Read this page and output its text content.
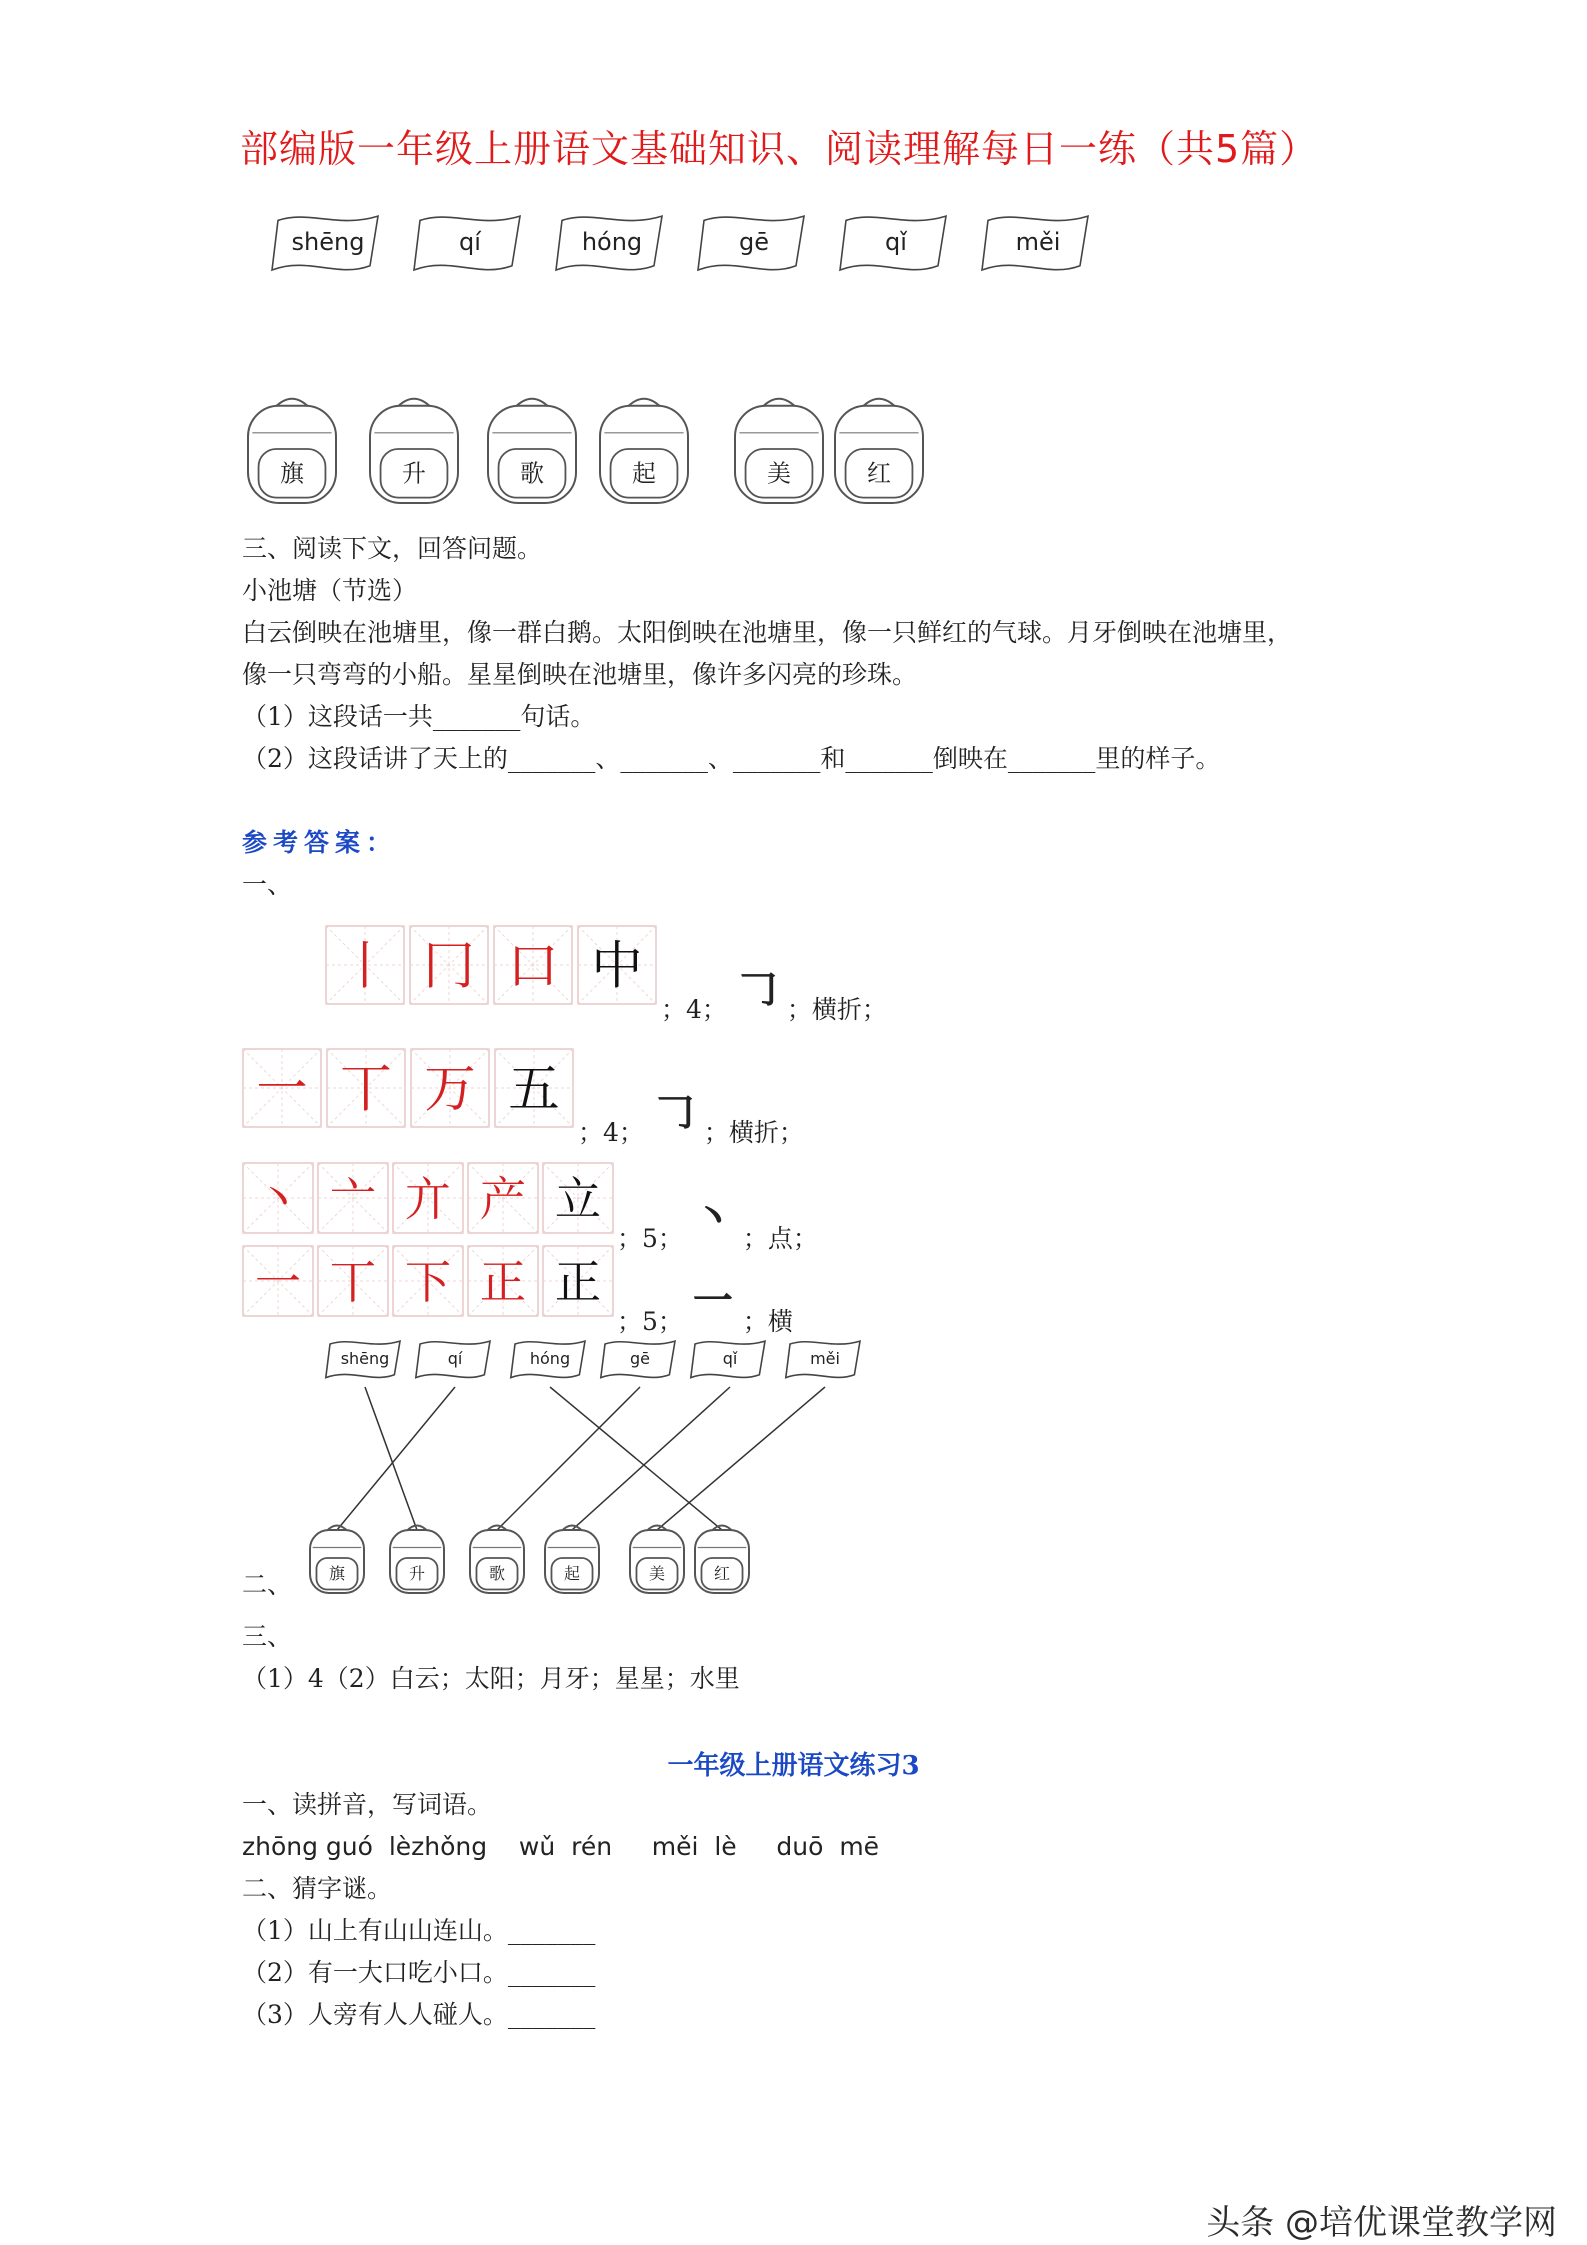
部编版一年级上册语文基础知识、阅读理解每日一练（共5篇）
shēng	qí	hóng	gē	qǐ	měi
旗	升	歌	起	美	红
三、阅读下文，回答问题。
小池塘（节选）
白云倒映在池塘里，像一群白鹅。太阳倒映在池塘里，像一只鲜红的气球。月牙倒映在池塘里，
像一只弯弯的小船。星星倒映在池塘里，像许多闪亮的珍珠。
（1）这段话一共_______句话。
（2）这段话讲了天上的_______、_______、_______和_______倒映在_______里的样子。
参考答案：
一、
丨 冂 口 中
；4； 𠃌 ；横折；
一 丅 万 五
；4； 𠃌 ；横折；
丶 亠 亣 产 立
；5； 丶 ；点；
一 丅 下 正 正
；5； 一 ；横
shēng	qí	hóng	gē	qǐ	měi
旗	升	歌	起	美	红
二、
三、
（1）4（2）白云；太阳；月牙；星星；水里
一年级上册语文练习3
一、读拼音，写词语。
zhōng guó  lèzhǒng    wǔ  rén     měi  lè     duō  mē
二、猜字谜。
（1）山上有山山连山。_______
（2）有一大口吃小口。_______
（3）人旁有人人碰人。_______
头条 @培优课堂教学网
